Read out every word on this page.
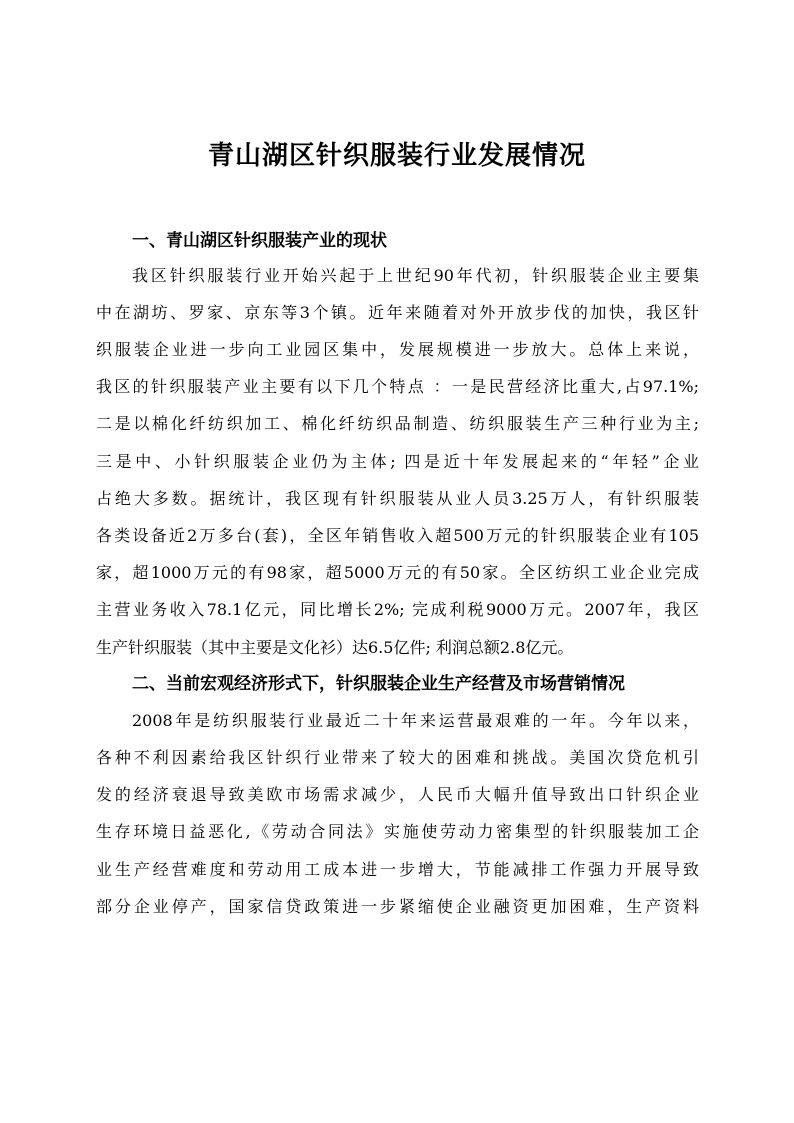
青山湖区针织服装行业发展情况
一、青山湖区针织服装产业的现状
我区针织服装行业开始兴起于上世纪90年代初，针织服装企业主要集
中在湖坊、罗家、京东等3个镇。近年来随着对外开放步伐的加快，我区针
织服装企业进一步向工业园区集中，发展规模进一步放大。总体上来说，
我区的针织服装产业主要有以下几个特点 ：一是民营经济比重大,占97.1%;
二是以棉化纤纺织加工、棉化纤纺织品制造、纺织服装生产三种行业为主;
三是中、小针织服装企业仍为主体; 四是近十年发展起来的“年轻”企业
占绝大多数。据统计，我区现有针织服装从业人员3.25万人，有针织服装
各类设备近2万多台(套)，全区年销售收入超500万元的针织服装企业有105
家，超1000万元的有98家，超5000万元的有50家。全区纺织工业企业完成
主营业务收入78.1亿元，同比增长2%; 完成利税9000万元。2007年，我区
生产针织服装（其中主要是文化衫）达6.5亿件; 利润总额2.8亿元。
二、当前宏观经济形式下，针织服装企业生产经营及市场营销情况
2008年是纺织服装行业最近二十年来运营最艰难的一年。今年以来，
各种不利因素给我区针织行业带来了较大的困难和挑战。美国次贷危机引
发的经济衰退导致美欧市场需求减少，人民币大幅升值导致出口针织企业
生存环境日益恶化,《劳动合同法》实施使劳动力密集型的针织服装加工企
业生产经营难度和劳动用工成本进一步增大，节能减排工作强力开展导致
部分企业停产，国家信贷政策进一步紧缩使企业融资更加困难，生产资料
